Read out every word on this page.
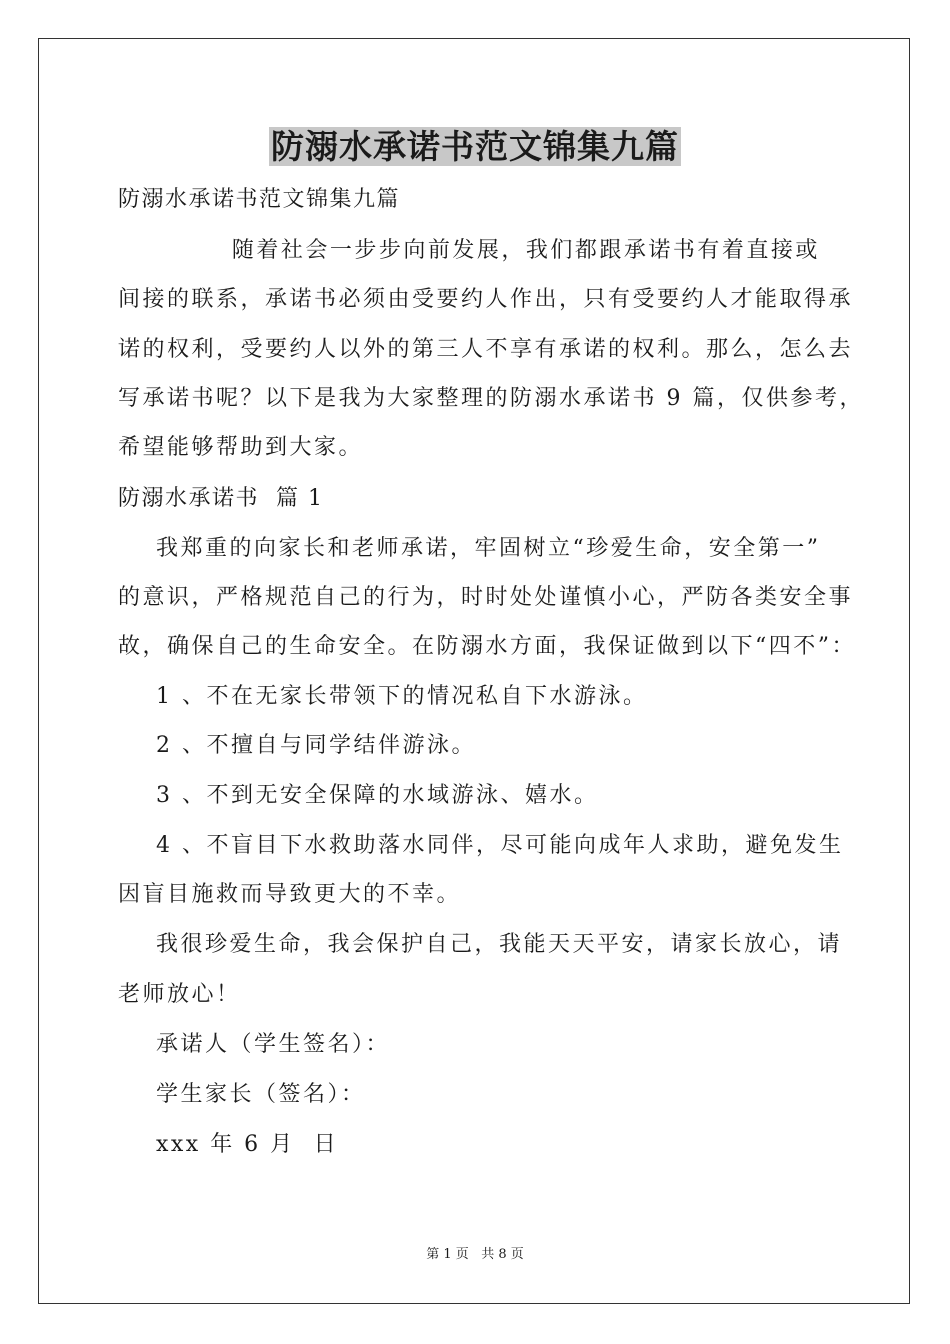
防溺水承诺书范文锦集九篇
防溺水承诺书范文锦集九篇
随着社会一步步向前发展，我们都跟承诺书有着直接或
间接的联系，承诺书必须由受要约人作出，只有受要约人才能取得承
诺的权利，受要约人以外的第三人不享有承诺的权利。那么，怎么去
写承诺书呢？以下是我为大家整理的防溺水承诺书 9 篇，仅供参考，
希望能够帮助到大家。
防溺水承诺书  篇 1
我郑重的向家长和老师承诺，牢固树立“珍爱生命，安全第一”
的意识，严格规范自己的行为，时时处处谨慎小心，严防各类安全事
故，确保自己的生命安全。在防溺水方面，我保证做到以下“四不”：
1 、不在无家长带领下的情况私自下水游泳。
2 、不擅自与同学结伴游泳。
3 、不到无安全保障的水域游泳、嬉水。
4 、不盲目下水救助落水同伴，尽可能向成年人求助，避免发生
因盲目施救而导致更大的不幸。
我很珍爱生命，我会保护自己，我能天天平安，请家长放心，请
老师放心！
承诺人（学生签名）：
学生家长（签名）：
xxx 年 6 月  日
第 1 页   共 8 页
